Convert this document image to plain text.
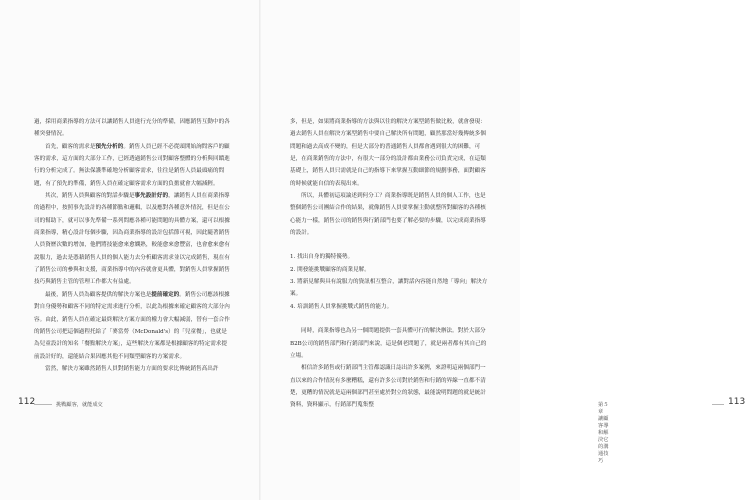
過，採用商業指導的方法可以讓銷售人員進行充分的準備，因應銷售互動中的各種突發情況。

首先，顧客的需求是預先分析的。銷售人員已經不必從頭開始詢問客戶的顧客的需求，這方面的大部分工作，已經透過銷售公司對顧客整體的分析與回饋進行的分析完成了。無法保護準確地分析顧客需求，往往是銷售人員最頭痛的問題，有了預先的準備，銷售人員在確定顧客需求方面的負擔就會大幅減輕。

其次，銷售人員與顧客的對話步驟是事先設計好的，讓銷售人員在商業指導的過程中，按照事先設計的各種節點和邏輯，以及應對各種意外情況，但是在公司的幫助下，就可以事先準備一系列問應各種可能問題的具體方案，還可以根據商業指導，精心設計每個步驟，因為商業指導的設計包括節可視，因此隨著銷售人員資歷次數的增加，他們將技能愈來愈嫻熟，較能愈來愈豐富，也會愈來愈有說服力，過去是憑藉銷售人員的個人能力去分析顧客需求並以完成銷售，現在有了銷售公司的參與和支援，商業指導中的內容就會更具體，對銷售人員掌握銷售技巧與銷售主管的管理工作都大有益處。

最後，銷售人員為顧客提供的解決方案也是提前確定的。銷售公司應該根據對自身優勢和顧客不同的特定需求進行分析，以此為根據來確定顧客的大部分內容。由此，銷售人員在確定最終解決方案方面的權力會大幅減弱，替有一套合作的銷售公司把這個過程托給了「麥當勞（McDonald's）的「兒童餐」，也就是為兒童設計的知名「餐點解決方案」，這些解決方案都是根據顧客的特定需求提前設計好的，還能結合果因應其他不同類型顧客的方案需求。

當然，解決方案雖然銷售人員對銷售能力方面的要求比傳統銷售高出許

112	挑戰顧客，就能成交	第５章　讓顧客導和解決它的溝通技巧
113

多，但是，如果將商業指導的方法與以往的解決方案型銷售做比較，就會發現：過去銷售人員在解決方案型銷售中要自己解決所有問題，顧然那當好幾傳統多個問題和過去高成不變的，但是大部分的普通銷售人員都會遇到很大的困難，可是，在商業銷售的方法中，有很大一部分的設計都由業務公司負責完成，在這類基礎上，銷售人員只需就是自己的指導下來掌握互動細節的規劃事務，面對顧客的時候就能自信的表現出來。

所以，具體初這項論述到何分工？商業指導既是銷售人員的個人工作，也是整個銷售公司團結合作的結果，就像銷售人員要掌握主動就整所對顧客的各種核心能力一樣，銷售公司的銷售與行銷部門也要了解必要的步驟，以完成商業指導的設計。

1. 找出自身的獨特優勢。
2. 開發能挑戰顧客的商業見解。
3. 將新見解與具有說服力的資訊相互整合，讓對話內容能自然地「導向」解決方案。
4. 培訓銷售人員掌握挑戰式銷售的能力。

同時，商業指導也為另一個問題提供一套具體可行的解決辦法。對於大部分B2B公司的銷售部門和行銷部門來說，這是個老問題了，就是兩者都有其自己的立場。

相信許多銷售或行銷部門主管都認識日誌出許多案例，來證明這兩個部門一直以來的合作情況有多麼糟糕，還有許多公司對於銷售和行銷的界線一直都不清楚，更糟的情況就是這兩個部門甚至處於對立的狀態，最能說明問題的就是統計資料，資料顯示，行銷部門蒐集整
